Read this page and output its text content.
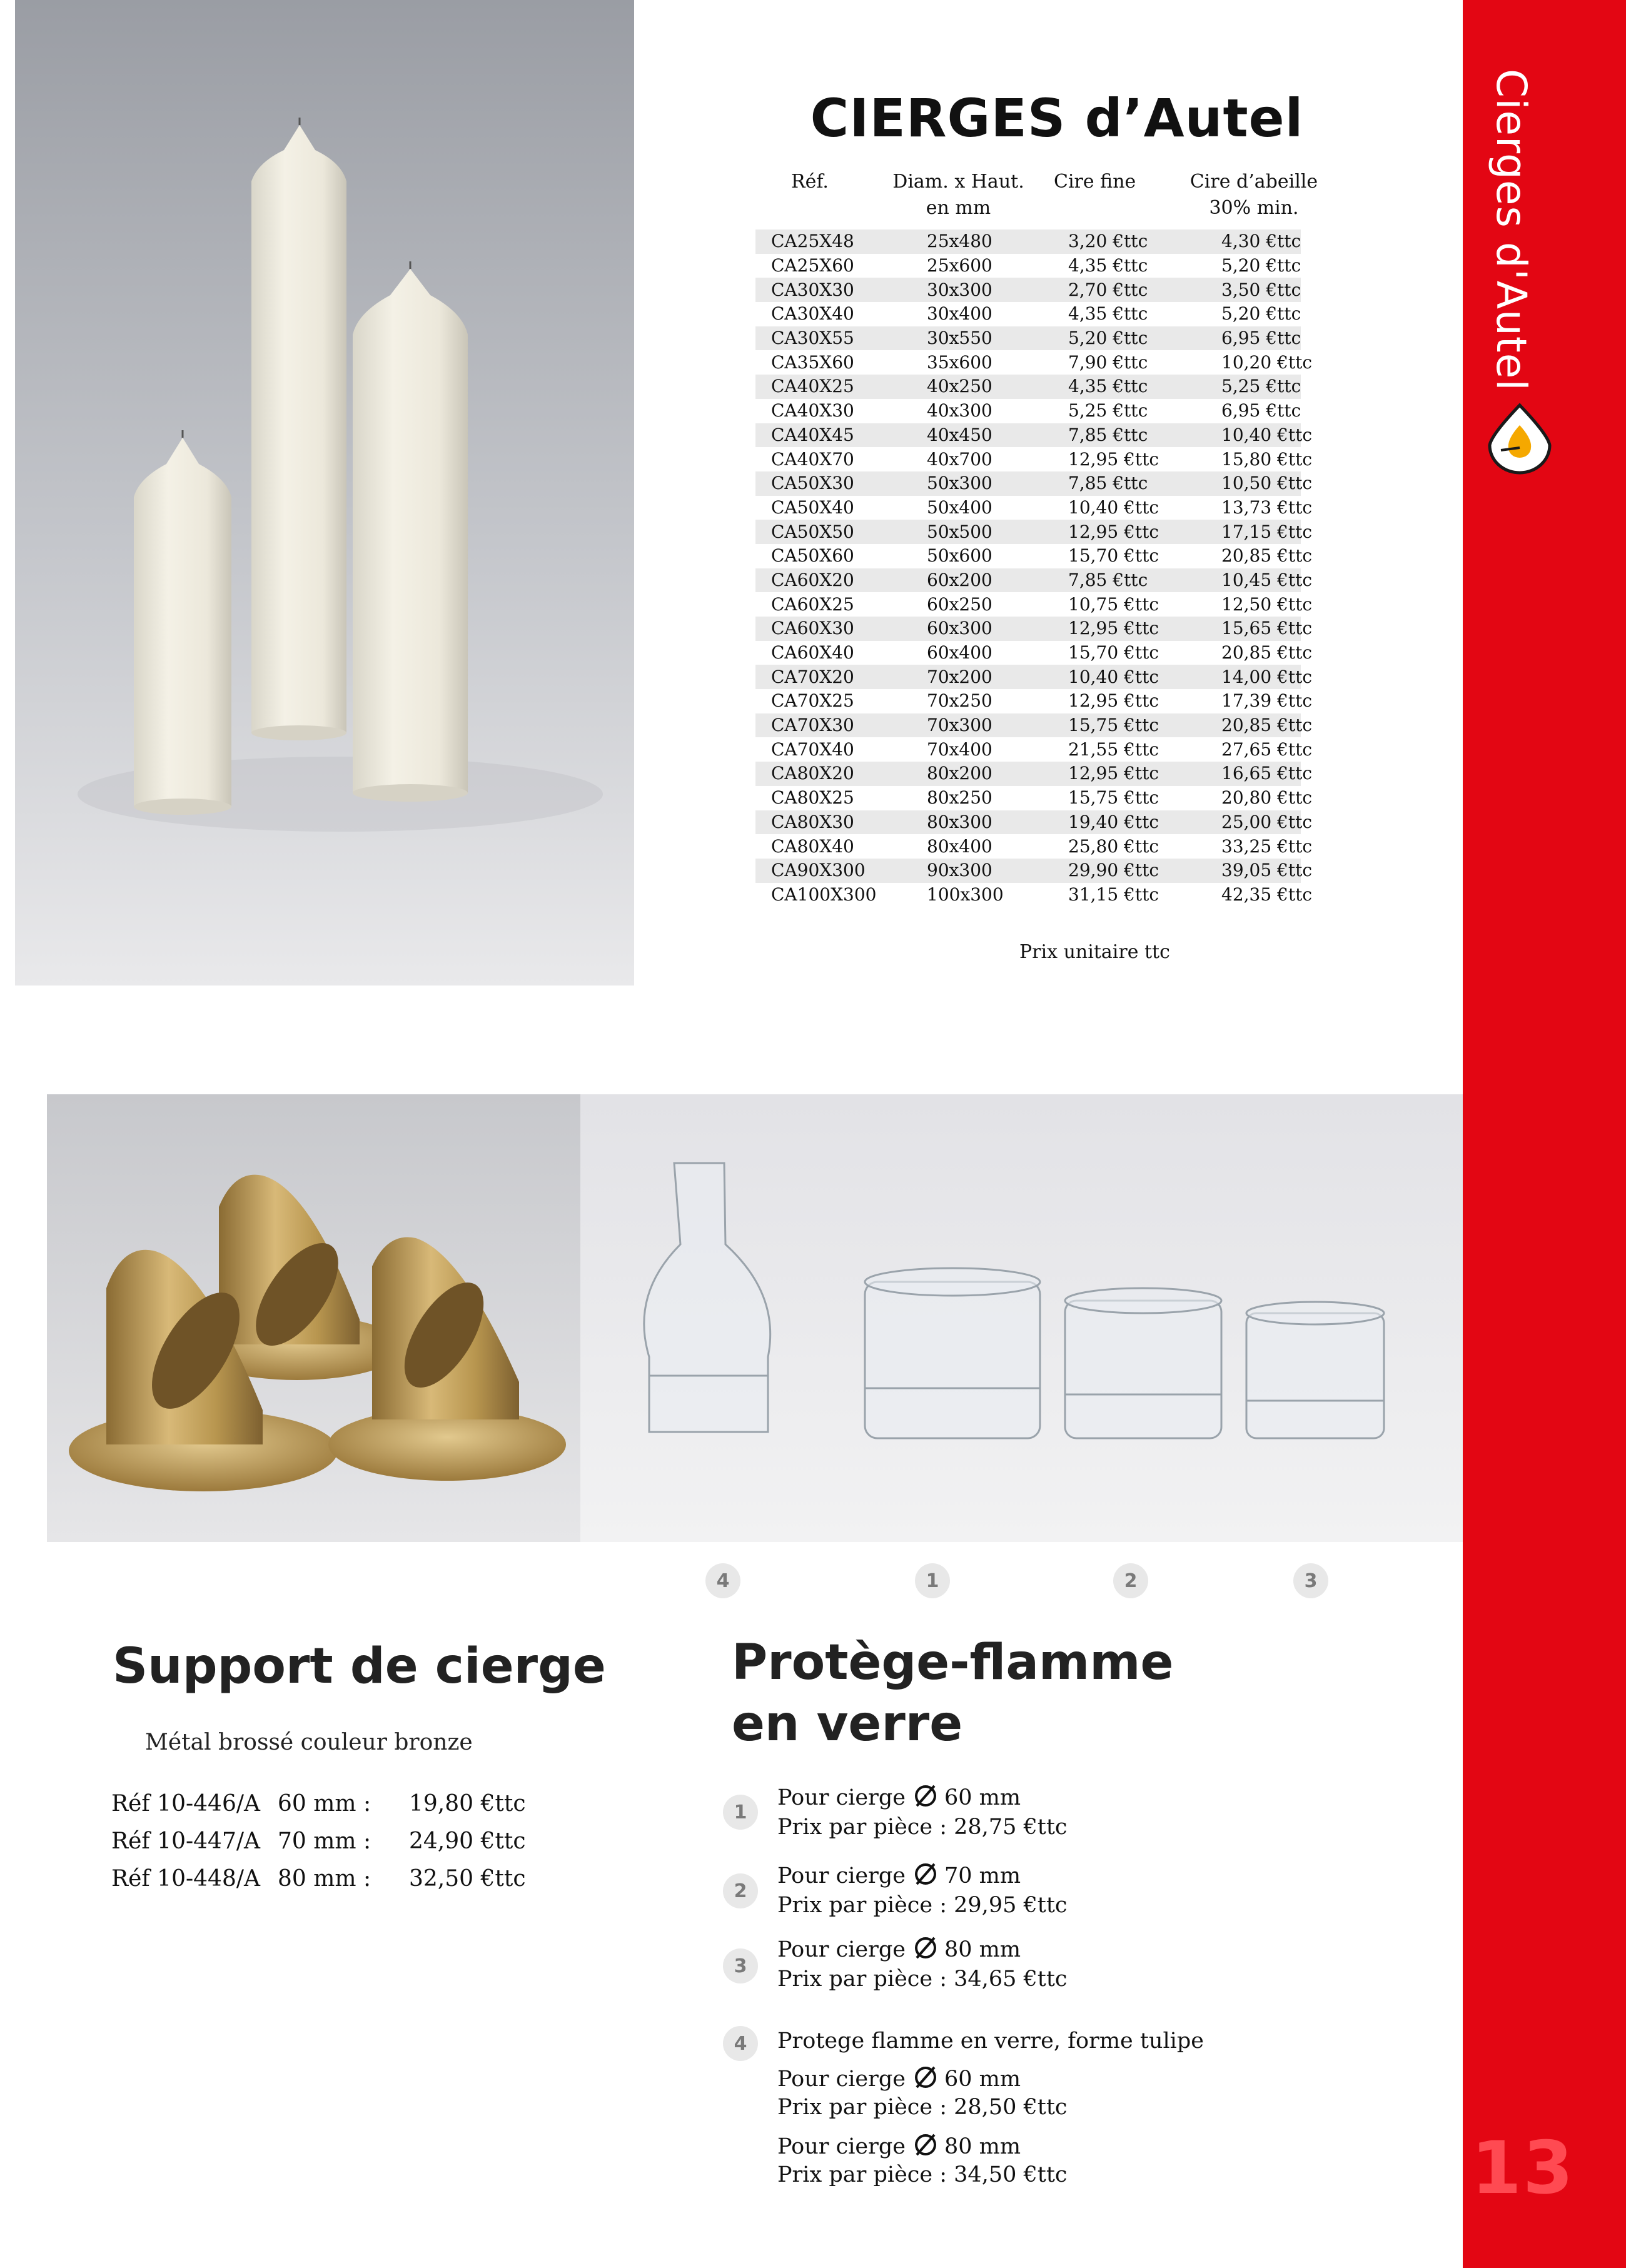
Cierges d'Autel
13
CIERGES d’Autel
Réf.	Diam. x Haut.
en mm
Cire fine	Cire d’abeille
30% min.
CA25X48	25x480	3,20 €ttc	4,30 €ttc
CA25X60	25x600	4,35 €ttc	5,20 €ttc
CA30X30	30x300	2,70 €ttc	3,50 €ttc
CA30X40	30x400	4,35 €ttc	5,20 €ttc
CA30X55	30x550	5,20 €ttc	6,95 €ttc
CA35X60	35x600	7,90 €ttc	10,20 €ttc
CA40X25	40x250	4,35 €ttc	5,25 €ttc
CA40X30	40x300	5,25 €ttc	6,95 €ttc
CA40X45	40x450	7,85 €ttc	10,40 €ttc
CA40X70	40x700	12,95 €ttc	15,80 €ttc
CA50X30	50x300	7,85 €ttc	10,50 €ttc
CA50X40	50x400	10,40 €ttc	13,73 €ttc
CA50X50	50x500	12,95 €ttc	17,15 €ttc
CA50X60	50x600	15,70 €ttc	20,85 €ttc
CA60X20	60x200	7,85 €ttc	10,45 €ttc
CA60X25	60x250	10,75 €ttc	12,50 €ttc
CA60X30	60x300	12,95 €ttc	15,65 €ttc
CA60X40	60x400	15,70 €ttc	20,85 €ttc
CA70X20	70x200	10,40 €ttc	14,00 €ttc
CA70X25	70x250	12,95 €ttc	17,39 €ttc
CA70X30	70x300	15,75 €ttc	20,85 €ttc
CA70X40	70x400	21,55 €ttc	27,65 €ttc
CA80X20	80x200	12,95 €ttc	16,65 €ttc
CA80X25	80x250	15,75 €ttc	20,80 €ttc
CA80X30	80x300	19,40 €ttc	25,00 €ttc
CA80X40	80x400	25,80 €ttc	33,25 €ttc
CA90X300	90x300	29,90 €ttc	39,05 €ttc
CA100X300	100x300	31,15 €ttc	42,35 €ttc
Prix unitaire ttc
4	1	2	3
Support de cierge
Métal brossé couleur bronze
Réf 10-446/A 60 mm :	19,80 €ttc
Réf 10-447/A 70 mm :	24,90 €ttc
Réf 10-448/A 80 mm :	32,50 €ttc
Protège-flamme
en verre
1
Pour cierge 60 mm
Prix par pièce : 28,75 €ttc
2
Pour cierge 70 mm
Prix par pièce : 29,95 €ttc
3
Pour cierge 80 mm
Prix par pièce : 34,65 €ttc
4	Protege flamme en verre, forme tulipe
Pour cierge 60 mm
Prix par pièce : 28,50 €ttc
Pour cierge 80 mm
Prix par pièce : 34,50 €ttc
